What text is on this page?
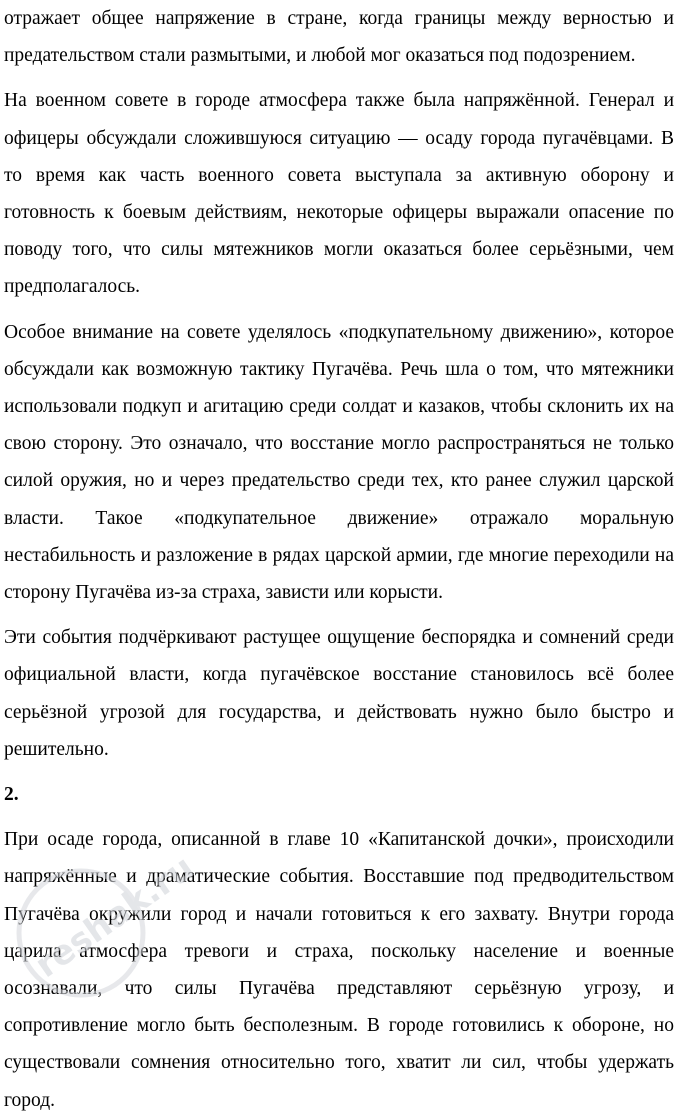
отражает общее напряжение в стране, когда границы между верностью и предательством стали размытыми, и любой мог оказаться под подозрением.

На военном совете в городе атмосфера также была напряжённой. Генерал и офицеры обсуждали сложившуюся ситуацию — осаду города пугачёвцами. В то время как часть военного совета выступала за активную оборону и готовность к боевым действиям, некоторые офицеры выражали опасение по поводу того, что силы мятежников могли оказаться более серьёзными, чем предполагалось.

Особое внимание на совете уделялось «подкупательному движению», которое обсуждали как возможную тактику Пугачёва. Речь шла о том, что мятежники использовали подкуп и агитацию среди солдат и казаков, чтобы склонить их на свою сторону. Это означало, что восстание могло распространяться не только силой оружия, но и через предательство среди тех, кто ранее служил царской власти. Такое «подкупательное движение» отражало моральную нестабильность и разложение в рядах царской армии, где многие переходили на сторону Пугачёва из-за страха, зависти или корысти.

Эти события подчёркивают растущее ощущение беспорядка и сомнений среди официальной власти, когда пугачёвское восстание становилось всё более серьёзной угрозой для государства, и действовать нужно было быстро и решительно.

2.

При осаде города, описанной в главе 10 «Капитанской дочки», происходили напряжённые и драматические события. Восставшие под предводительством Пугачёва окружили город и начали готовиться к его захвату. Внутри города царила атмосфера тревоги и страха, поскольку население и военные осознавали, что силы Пугачёва представляют серьёзную угрозу, и сопротивление могло быть бесполезным. В городе готовились к обороне, но существовали сомнения относительно того, хватит ли сил, чтобы удержать город.

reshak.ru
